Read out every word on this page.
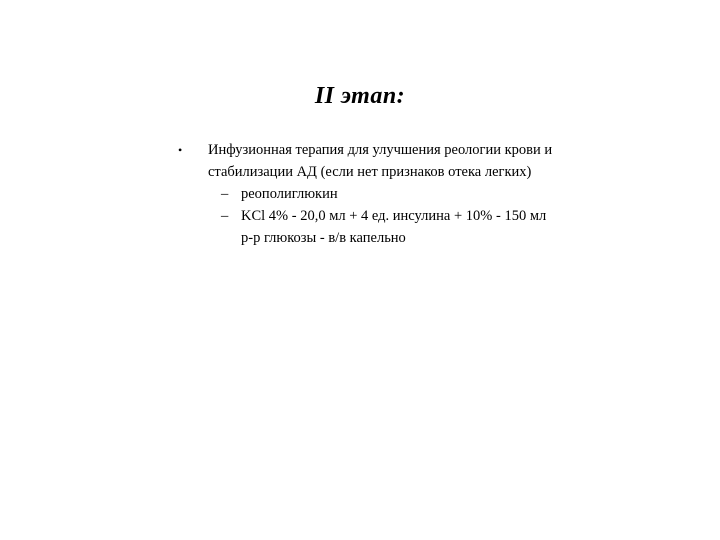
II этап:
• Инфузионная терапия для улучшения реологии крови и стабилизации АД (если нет признаков отека легких)
– реополиглюкин
– KCl 4% - 20,0 мл + 4 ед. инсулина + 10% - 150 мл р-р глюкозы - в/в капельно
